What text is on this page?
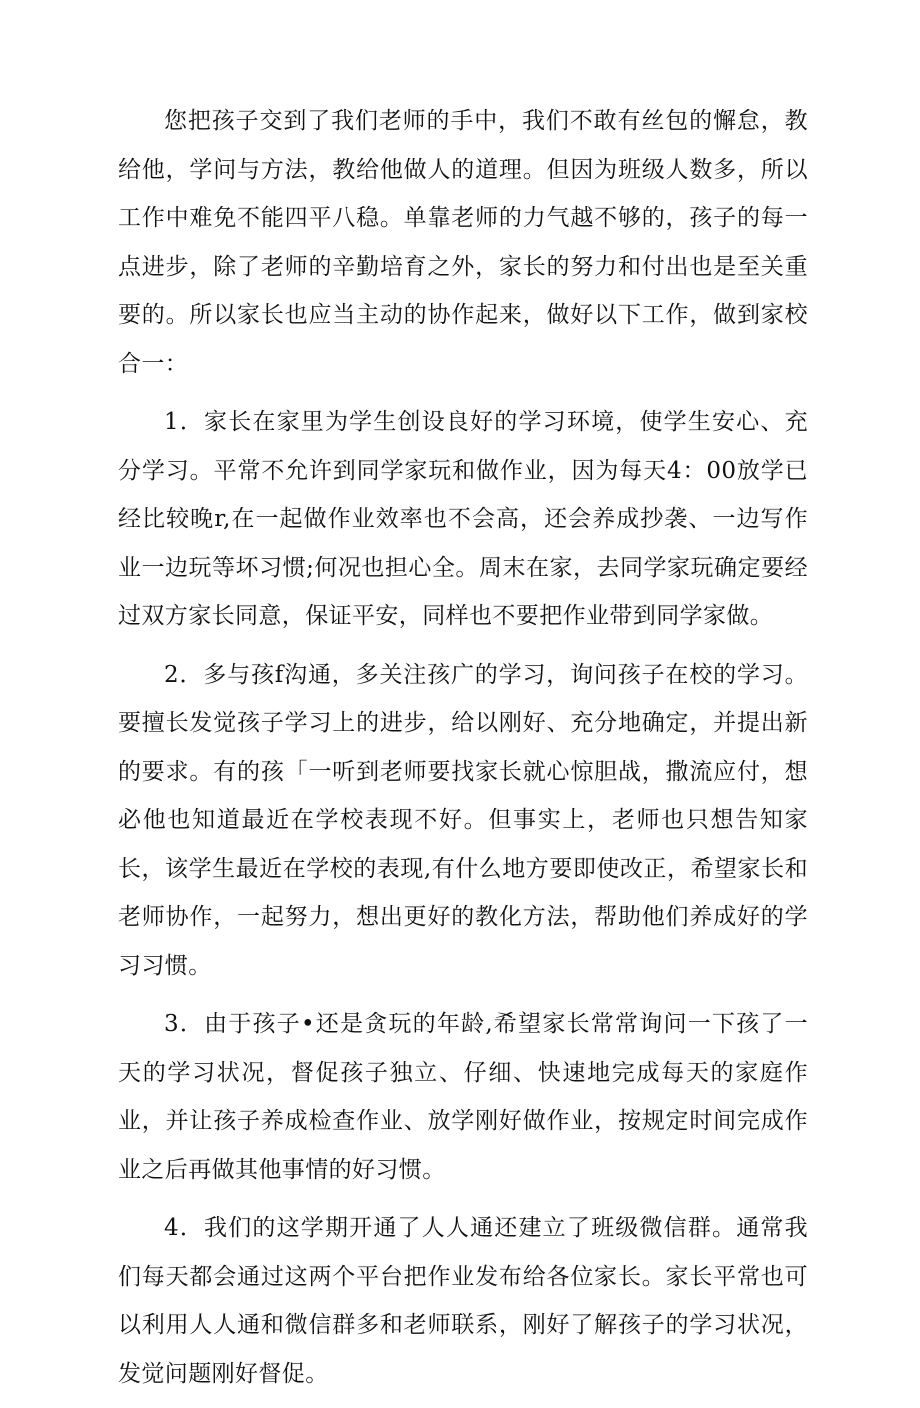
您把孩子交到了我们老师的手中，我们不敢有丝包的懈怠，教给他，学问与方法，教给他做人的道理。但因为班级人数多，所以工作中难免不能四平八稳。单靠老师的力气越不够的，孩子的每一点进步，除了老师的辛勤培育之外，家长的努力和付出也是至关重要的。所以家长也应当主动的协作起来，做好以下工作，做到家校合一：

1．家长在家里为学生创设良好的学习环境，使学生安心、充分学习。平常不允许到同学家玩和做作业，因为每天4：00放学已经比较晚r,在一起做作业效率也不会高，还会养成抄袭、一边写作业一边玩等坏习惯;何况也担心全。周末在家，去同学家玩确定要经过双方家长同意，保证平安，同样也不要把作业带到同学家做。

2．多与孩f沟通，多关注孩广的学习，询问孩子在校的学习。要擅长发觉孩子学习上的进步，给以刚好、充分地确定，并提出新的要求。有的孩「一听到老师要找家长就心惊胆战，撒流应付，想必他也知道最近在学校表现不好。但事实上，老师也只想告知家长，该学生最近在学校的表现,有什么地方要即使改正，希望家长和老师协作，一起努力，想出更好的教化方法，帮助他们养成好的学习习惯。

3．由于孩子•还是贪玩的年龄,希望家长常常询问一下孩了一天的学习状况，督促孩子独立、仔细、快速地完成每天的家庭作业，并让孩子养成检查作业、放学刚好做作业，按规定时间完成作业之后再做其他事情的好习惯。

4．我们的这学期开通了人人通还建立了班级微信群。通常我们每天都会通过这两个平台把作业发布给各位家长。家长平常也可以利用人人通和微信群多和老师联系，刚好了解孩子的学习状况，发觉问题刚好督促。
